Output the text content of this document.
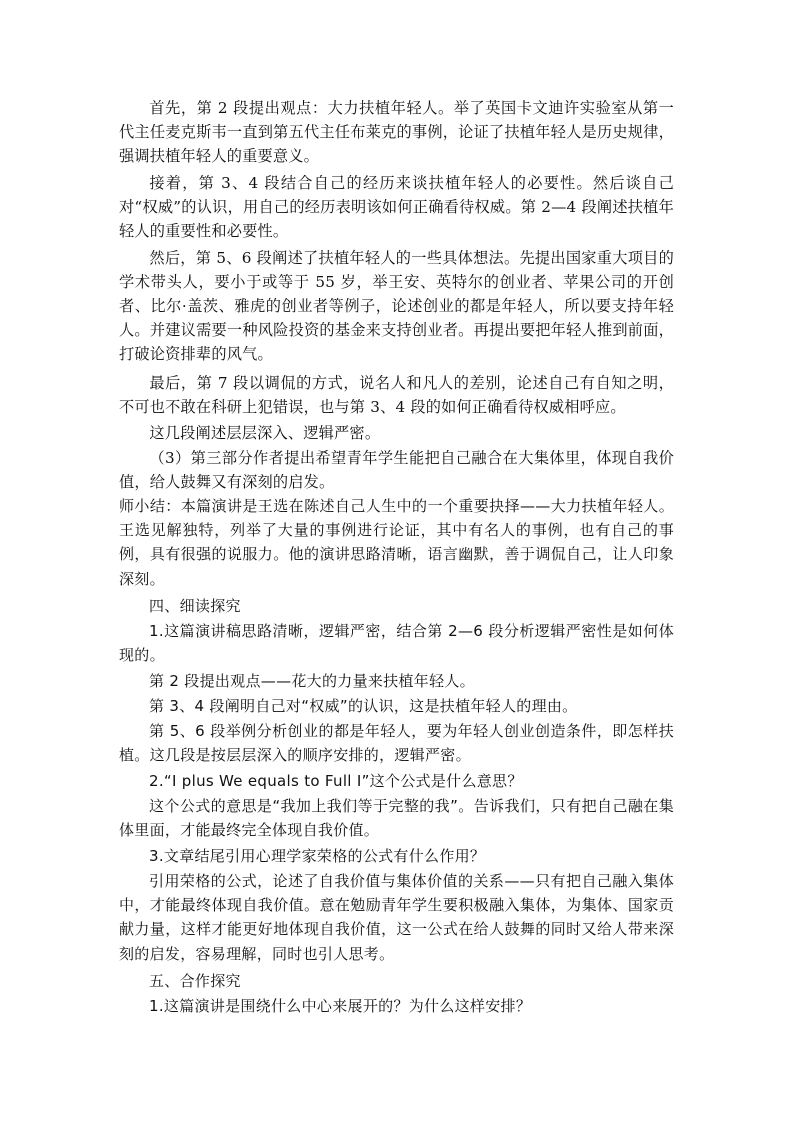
首先，第 2 段提出观点：大力扶植年轻人。举了英国卡文迪许实验室从第一代主任麦克斯韦一直到第五代主任布莱克的事例，论证了扶植年轻人是历史规律，强调扶植年轻人的重要意义。

接着，第 3、4 段结合自己的经历来谈扶植年轻人的必要性。然后谈自己对“权威”的认识，用自己的经历表明该如何正确看待权威。第 2—4 段阐述扶植年轻人的重要性和必要性。

然后，第 5、6 段阐述了扶植年轻人的一些具体想法。先提出国家重大项目的学术带头人，要小于或等于 55 岁，举王安、英特尔的创业者、苹果公司的开创者、比尔·盖茨、雅虎的创业者等例子，论述创业的都是年轻人，所以要支持年轻人。并建议需要一种风险投资的基金来支持创业者。再提出要把年轻人推到前面，打破论资排辈的风气。

最后，第 7 段以调侃的方式，说名人和凡人的差别，论述自己有自知之明，不可也不敢在科研上犯错误，也与第 3、4 段的如何正确看待权威相呼应。

这几段阐述层层深入、逻辑严密。

（3）第三部分作者提出希望青年学生能把自己融合在大集体里，体现自我价值，给人鼓舞又有深刻的启发。

师小结：本篇演讲是王选在陈述自己人生中的一个重要抉择——大力扶植年轻人。王选见解独特，列举了大量的事例进行论证，其中有名人的事例，也有自己的事例，具有很强的说服力。他的演讲思路清晰，语言幽默，善于调侃自己，让人印象深刻。

四、细读探究

1.这篇演讲稿思路清晰，逻辑严密，结合第 2—6 段分析逻辑严密性是如何体现的。

第 2 段提出观点——花大的力量来扶植年轻人。

第 3、4 段阐明自己对“权威”的认识，这是扶植年轻人的理由。

第 5、6 段举例分析创业的都是年轻人，要为年轻人创业创造条件，即怎样扶植。这几段是按层层深入的顺序安排的，逻辑严密。

2.“I plus We equals to Full I”这个公式是什么意思？

这个公式的意思是“我加上我们等于完整的我”。告诉我们，只有把自己融在集体里面，才能最终完全体现自我价值。

3.文章结尾引用心理学家荣格的公式有什么作用？

引用荣格的公式，论述了自我价值与集体价值的关系——只有把自己融入集体中，才能最终体现自我价值。意在勉励青年学生要积极融入集体，为集体、国家贡献力量，这样才能更好地体现自我价值，这一公式在给人鼓舞的同时又给人带来深刻的启发，容易理解，同时也引人思考。

五、合作探究

1.这篇演讲是围绕什么中心来展开的？为什么这样安排？
